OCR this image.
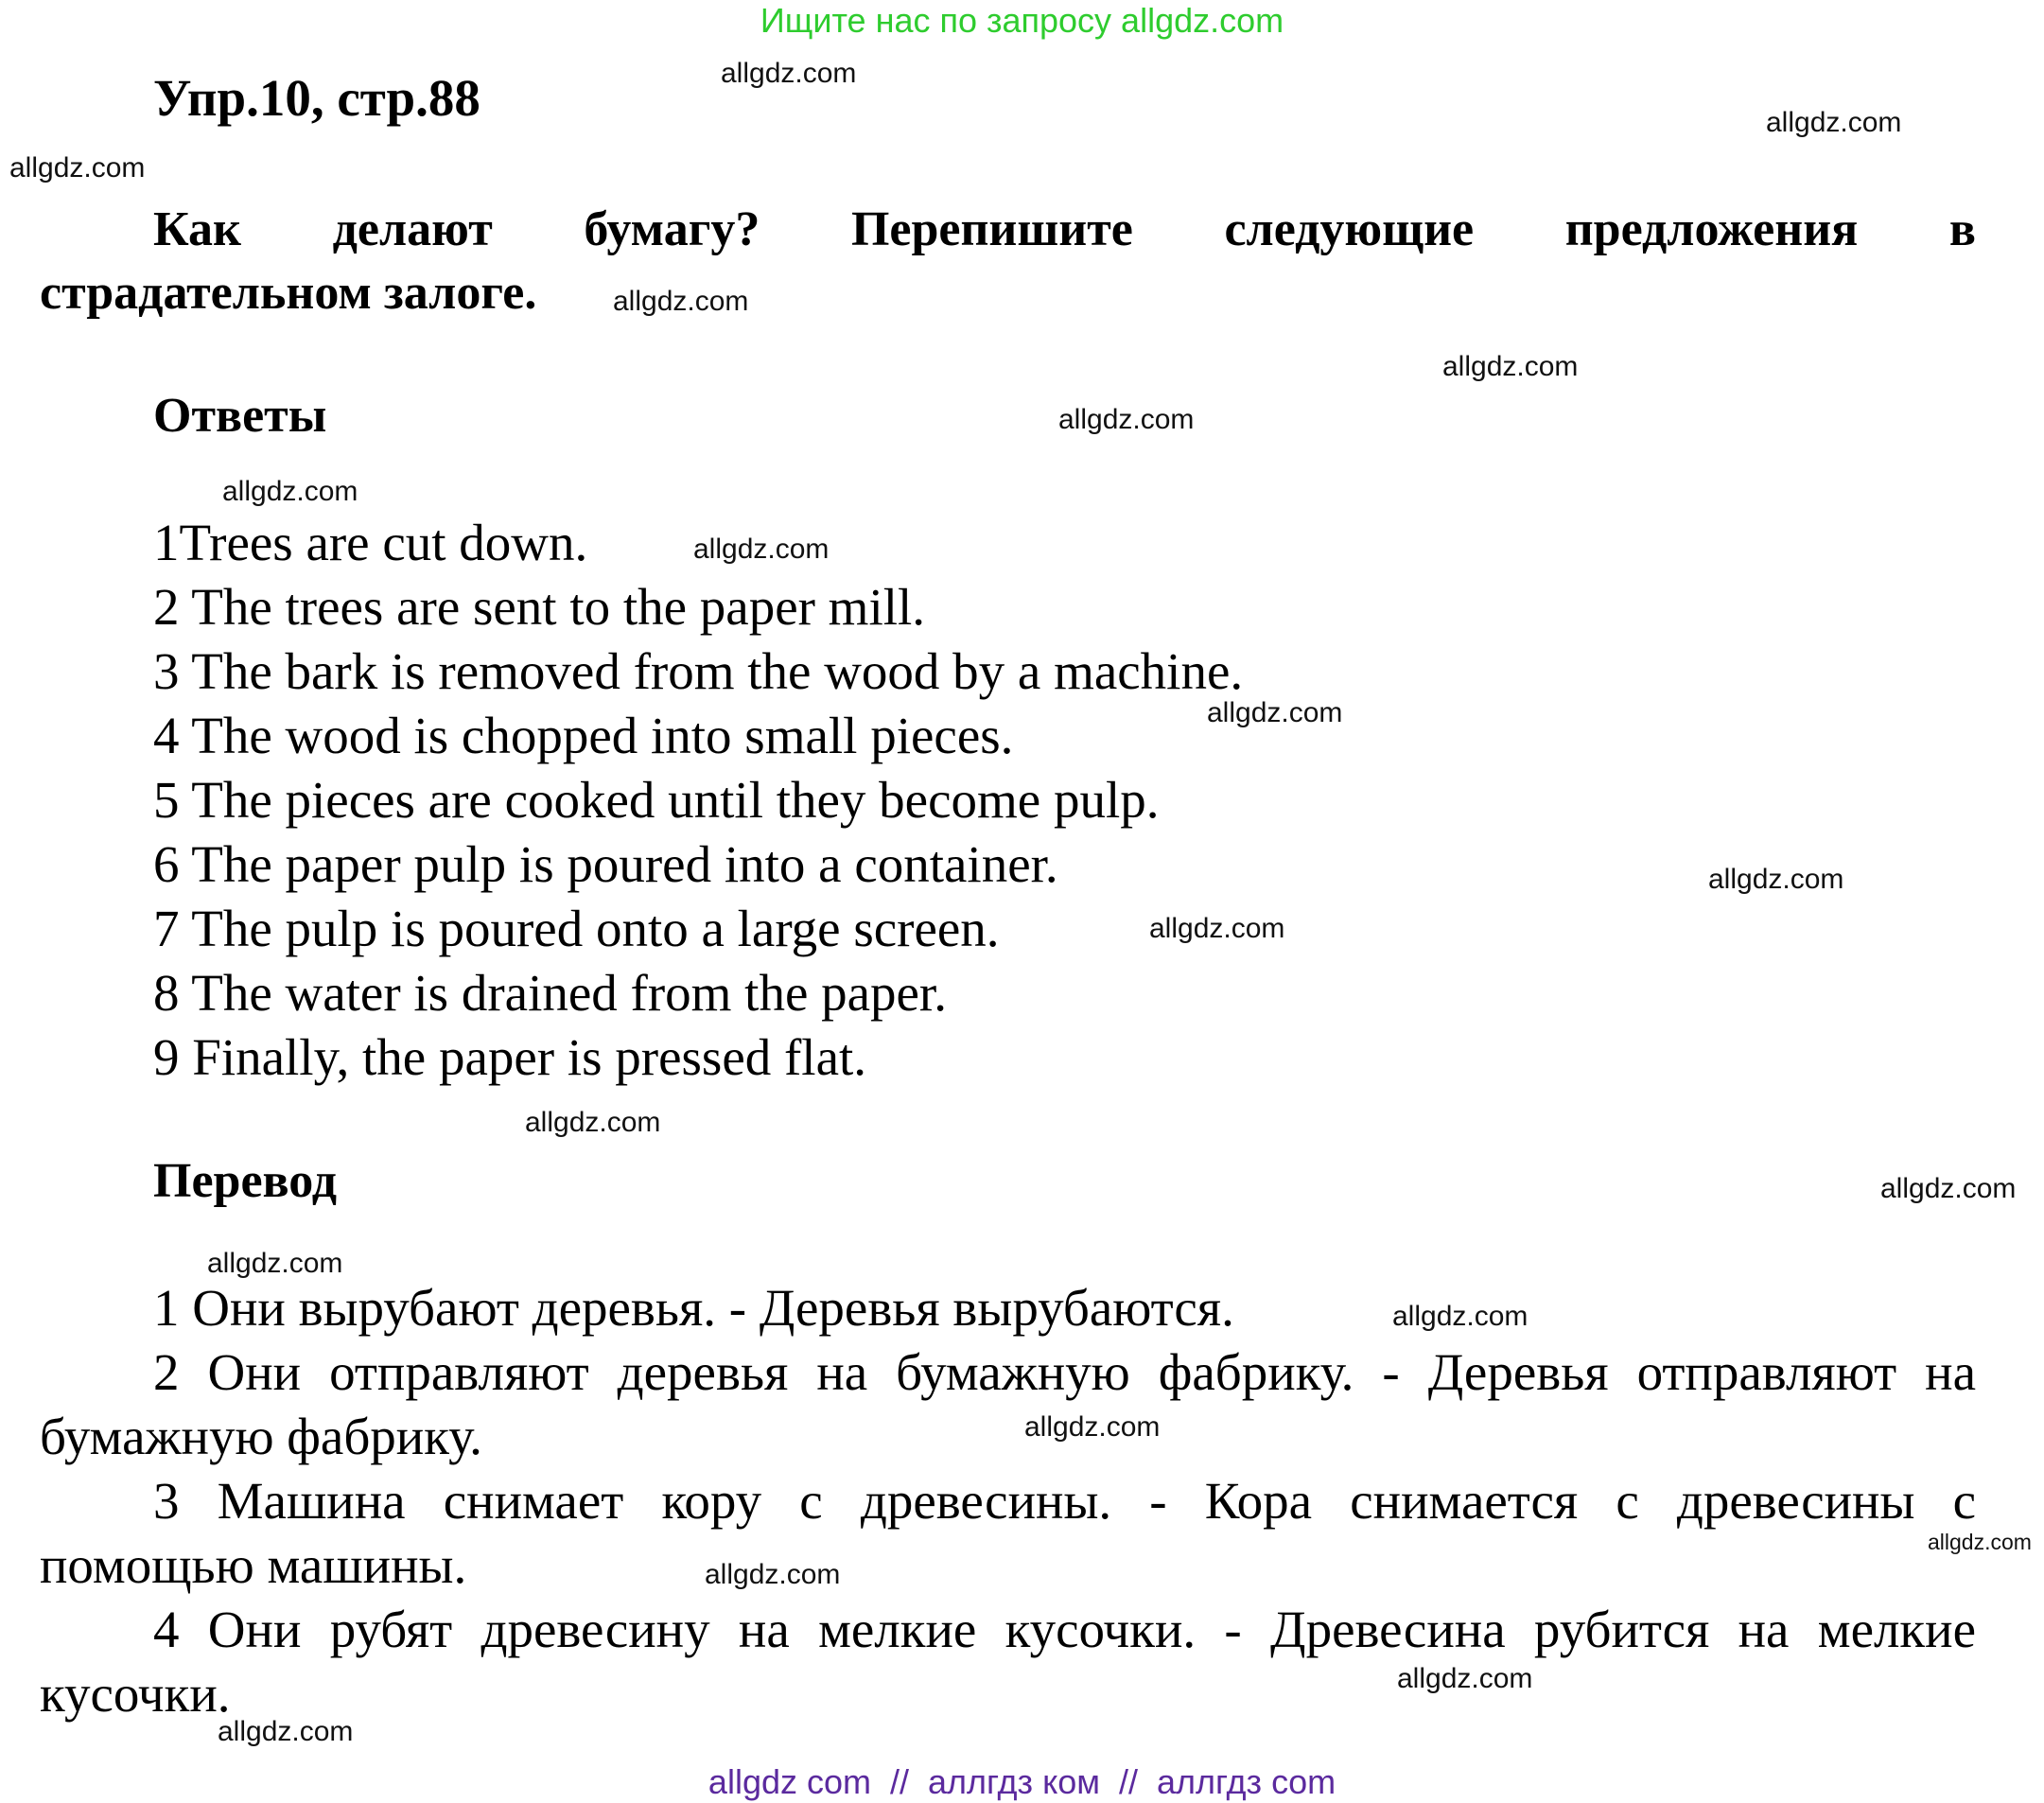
Ищите нас по запросу allgdz.com
Упр.10, стр.88
Как делают бумагу? Перепишите следующие предложения в
страдательном залоге.
Ответы
1Trees are cut down.
2 The trees are sent to the paper mill.
3 The bark is removed from the wood by a machine.
4 The wood is chopped into small pieces.
5 The pieces are cooked until they become pulp.
6 The paper pulp is poured into a container.
7 The pulp is poured onto a large screen.
8 The water is drained from the paper.
9 Finally, the paper is pressed flat.
Перевод
1 Они вырубают деревья. - Деревья вырубаются.
2 Они отправляют деревья на бумажную фабрику. - Деревья отправляют на
бумажную фабрику.
3 Машина снимает кору с древесины. - Кора снимается с древесины с
помощью машины.
4 Они рубят древесину на мелкие кусочки. - Древесина рубится на мелкие
кусочки.
allgdz.com
allgdz.com
allgdz.com
allgdz.com
allgdz.com
allgdz.com
allgdz.com
allgdz.com
allgdz.com
allgdz.com
allgdz.com
allgdz.com
allgdz.com
allgdz.com
allgdz.com
allgdz.com
allgdz.com
allgdz.com
allgdz.com
allgdz.com
allgdz com  //  аллгдз ком  //  аллгдз com
